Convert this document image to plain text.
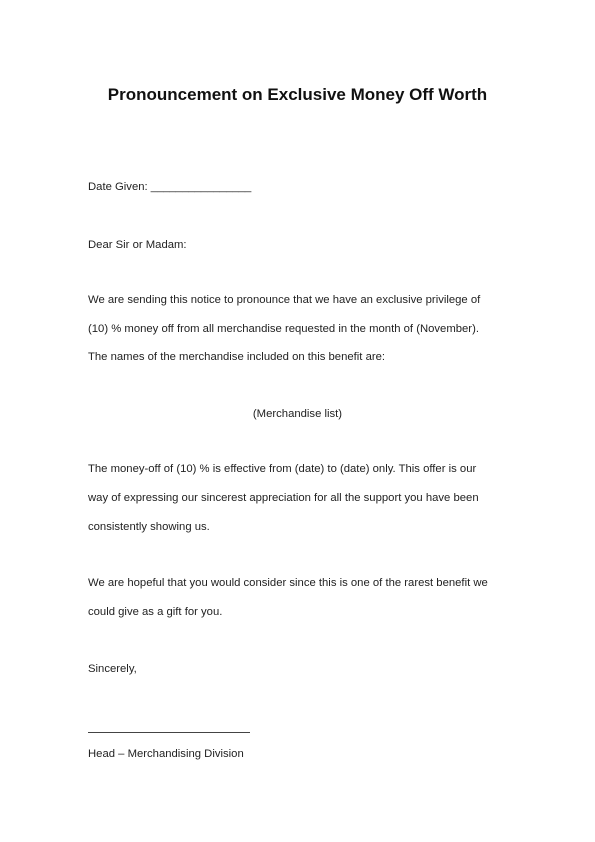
Pronouncement on Exclusive Money Off Worth
Date Given: ________________
Dear Sir or Madam:
We are sending this notice to pronounce that we have an exclusive privilege of
(10) % money off from all merchandise requested in the month of (November).
The names of the merchandise included on this benefit are:
(Merchandise list)
The money-off of (10) % is effective from (date) to (date) only. This offer is our
way of expressing our sincerest appreciation for all the support you have been
consistently showing us.
We are hopeful that you would consider since this is one of the rarest benefit we
could give as a gift for you.
Sincerely,
Head – Merchandising Division
